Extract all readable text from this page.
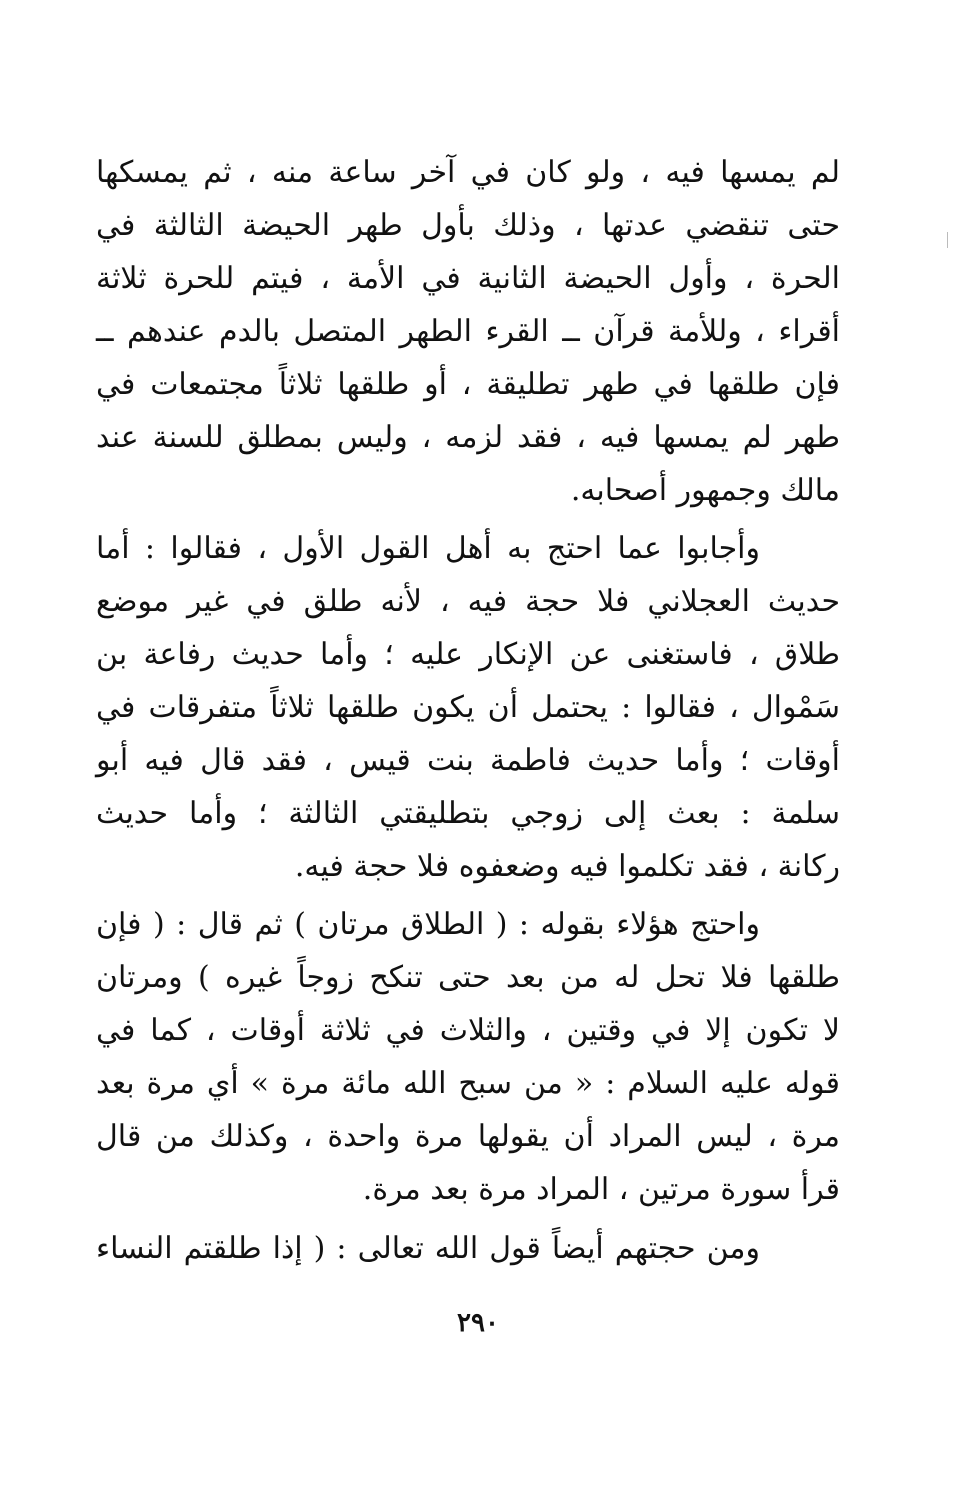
لم يمسها فيه ، ولو كان في آخر ساعة منه ، ثم يمسكها
حتى تنقضي عدتها ، وذلك بأول طهر الحيضة الثالثة في
الحرة ، وأول الحيضة الثانية في الأمة ، فيتم للحرة ثلاثة
أقراء ، وللأمة قرآن ــ القرء الطهر المتصل بالدم عندهم ــ
فإن طلقها في طهر تطليقة ، أو طلقها ثلاثاً مجتمعات في
طهر لم يمسها فيه ، فقد لزمه ، وليس بمطلق للسنة عند
مالك وجمهور أصحابه.
وأجابوا عما احتج به أهل القول الأول ، فقالوا : أما
حديث العجلاني فلا حجة فيه ، لأنه طلق في غير موضع
طلاق ، فاستغنى عن الإنكار عليه ؛ وأما حديث رفاعة بن
سَمْوال ، فقالوا : يحتمل أن يكون طلقها ثلاثاً متفرقات في
أوقات ؛ وأما حديث فاطمة بنت قيس ، فقد قال فيه أبو
سلمة : بعث إلى زوجي بتطليقتي الثالثة ؛ وأما حديث
ركانة ، فقد تكلموا فيه وضعفوه فلا حجة فيه.
واحتج هؤلاء بقوله : ( الطلاق مرتان ) ثم قال : ( فإن
طلقها فلا تحل له من بعد حتى تنكح زوجاً غيره ) ومرتان
لا تكون إلا في وقتين ، والثلاث في ثلاثة أوقات ، كما في
قوله عليه السلام : « من سبح الله مائة مرة » أي مرة بعد
مرة ، ليس المراد أن يقولها مرة واحدة ، وكذلك من قال
قرأ سورة مرتين ، المراد مرة بعد مرة.
ومن حجتهم أيضاً قول الله تعالى : ( إذا طلقتم النساء
٢٩٠
